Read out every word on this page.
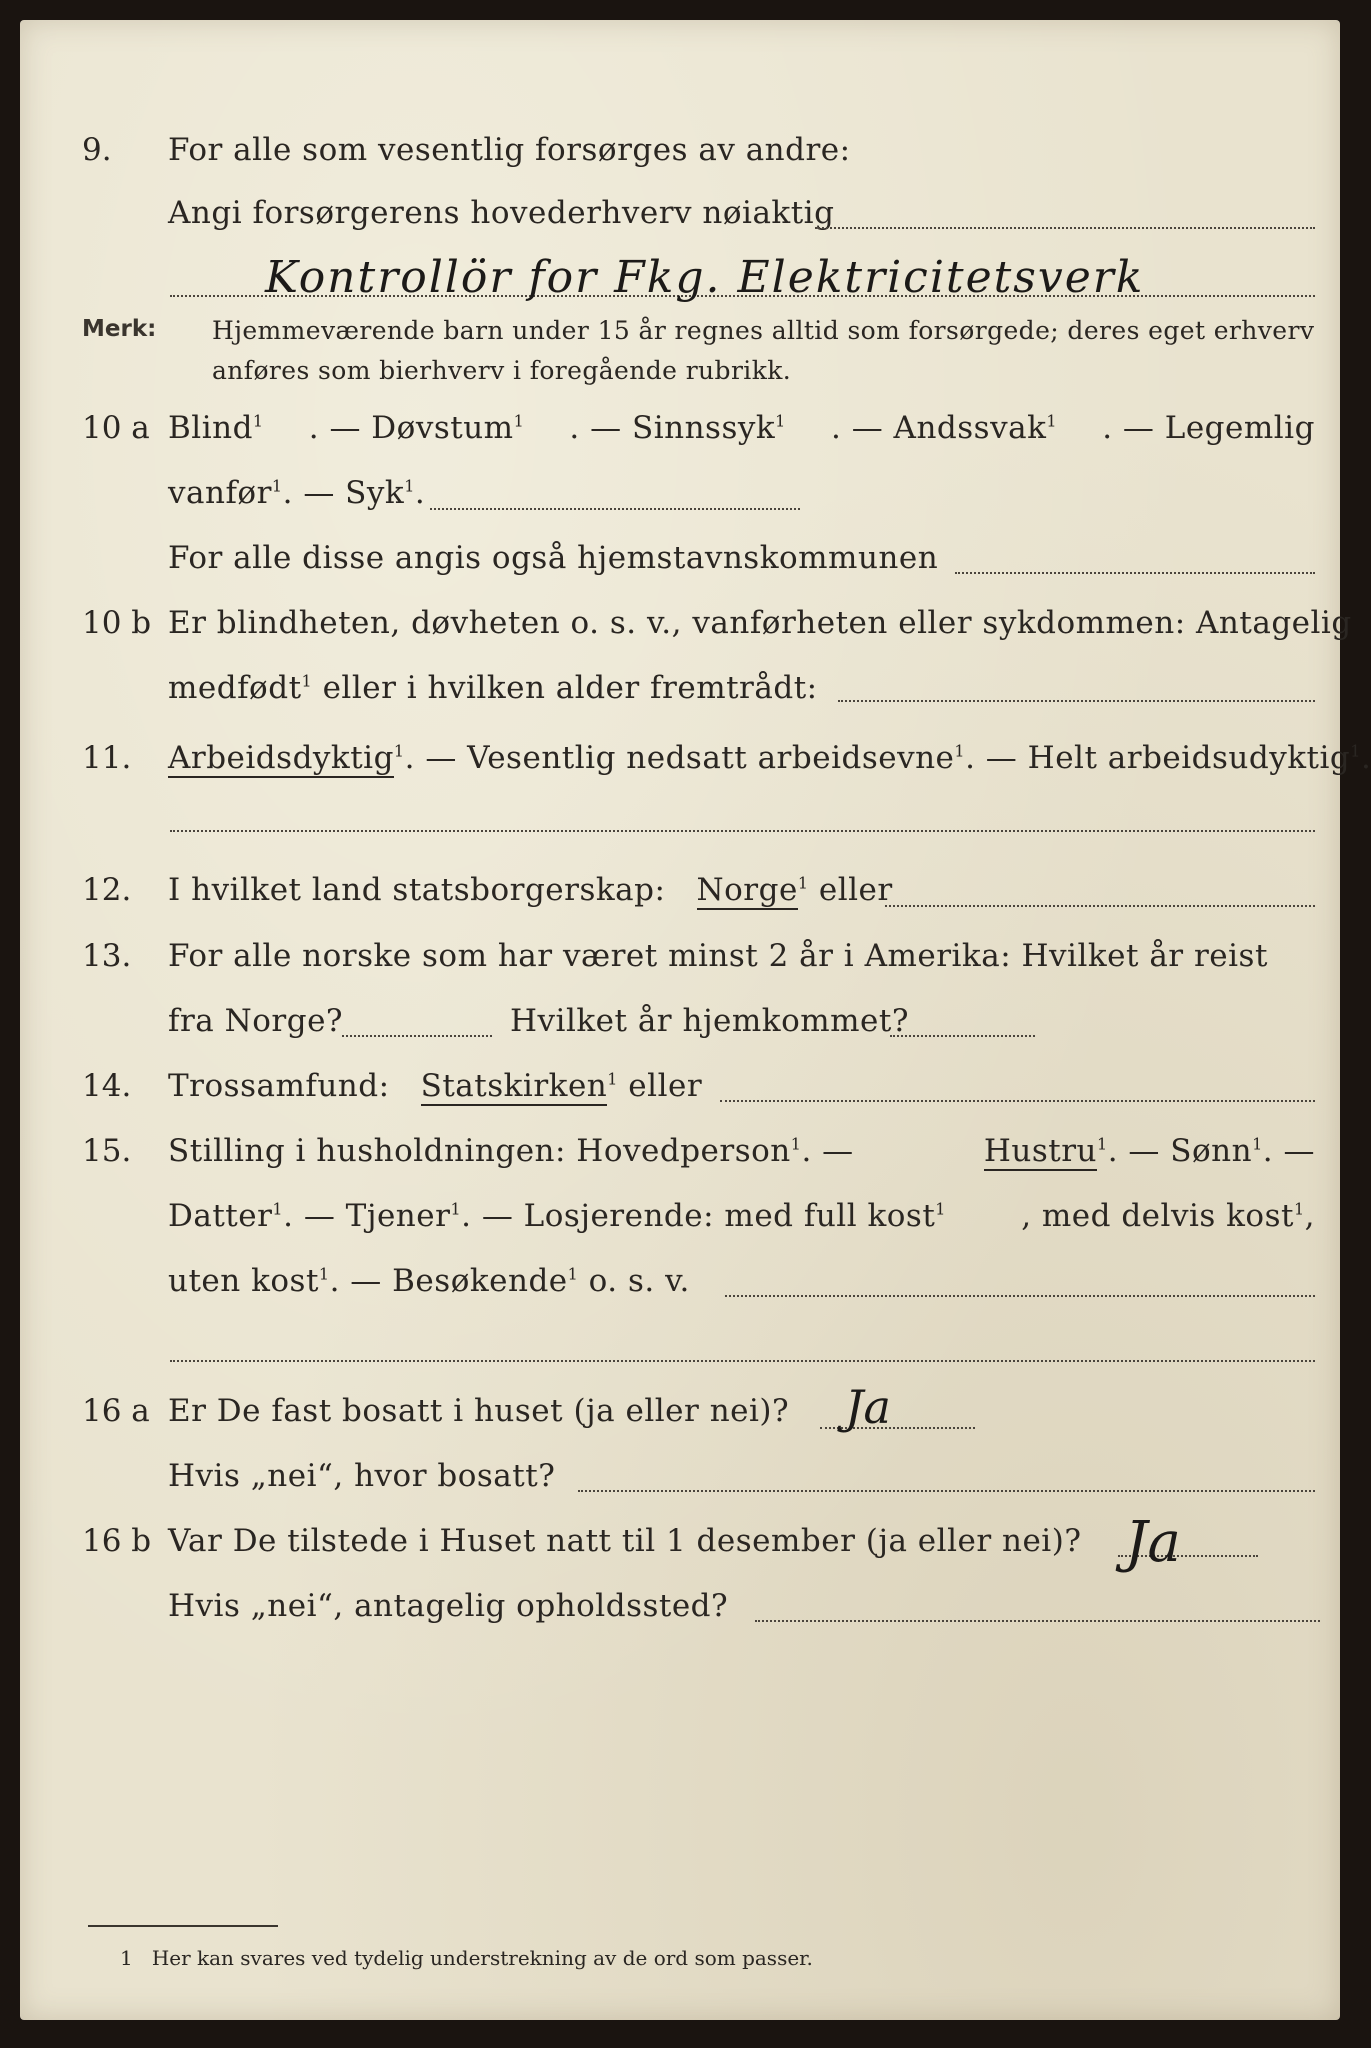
9. For alle som vesentlig forsørges av andre:
Angi forsørgerens hovederhverv nøiaktig
Kontrollör for Fkg. Elektricitetsverk
Merk: Hjemmeværende barn under 15 år regnes alltid som forsørgede; deres eget erhverv
anføres som bierhverv i foregående rubrikk.
10 a Blind$^1$ . — Døvstum$^1$ . — Sinnssyk$^1$ . — Andssvak$^1$ . — Legemlig
vanfør$^1$. — Syk$^1$.
For alle disse angis også hjemstavnskommunen
10 b Er blindheten, døvheten o. s. v., vanførheten eller sykdommen: Antagelig
medfødt$^1$ eller i hvilken alder fremtrådt:
11. Arbeidsdyktig$^1$. — Vesentlig nedsatt arbeidsevne$^1$ . — Helt arbeidsudyktig$^1$.
12. I hvilket land statsborgerskap: Norge$^1$ eller
13. For alle norske som har været minst 2 år i Amerika: Hvilket år reist
fra Norge?	Hvilket år hjemkommet?
14. Trossamfund: Statskirken$^1$ eller
15. Stilling i husholdningen: Hovedperson$^1$. —	Hustru$^1$. — Sønn$^1$. —
Datter$^1$. — Tjener$^1$. — Losjerende: med full kost$^1$ , med delvis kost$^1$,
uten kost$^1$. — Besøkende$^1$ o. s. v.
16 a Er De fast bosatt i huset (ja eller nei)? Ja
Hvis „nei“, hvor bosatt?
16 b Var De tilstede i Huset natt til 1 desember (ja eller nei)? Ja
Hvis „nei“, antagelig opholdssted?
1 Her kan svares ved tydelig understrekning av de ord som passer.
